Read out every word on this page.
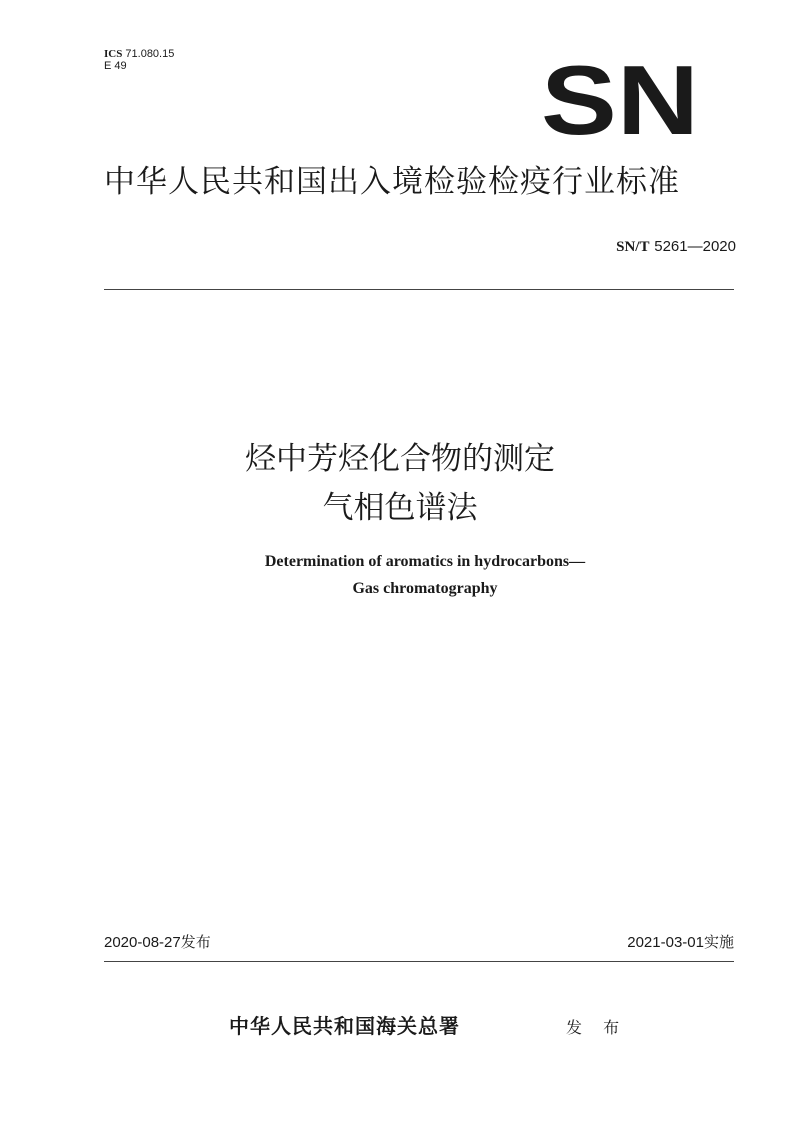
ICS 71.080.15
E 49	SN
中华人民共和国出入境检验检疫行业标准
SN/T 5261—2020
烃中芳烃化合物的测定
气相色谱法
Determination of aromatics in hydrocarbons—
Gas chromatography
2020-08-27发布	2021-03-01实施
中华人民共和国海关总署	发 布
